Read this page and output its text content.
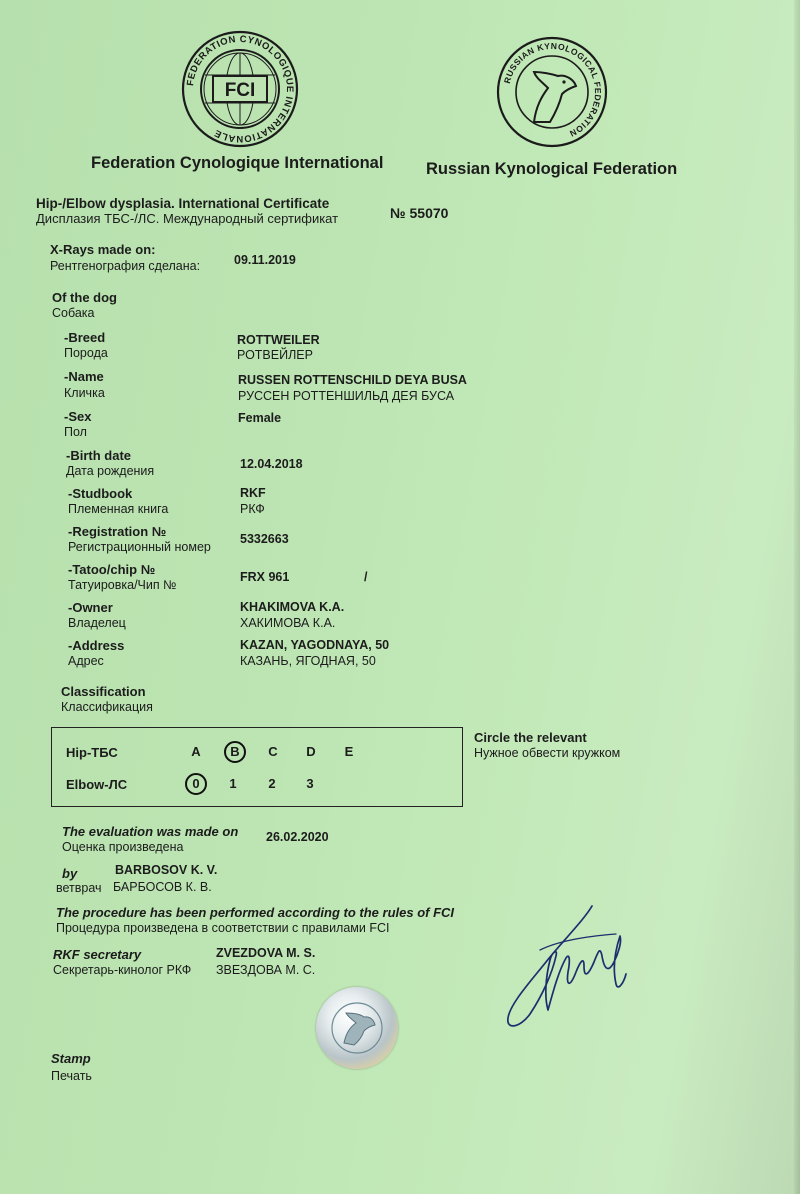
FEDERATION CYNOLOGIQUE INTERNATIONALE
FCI
RUSSIAN KYNOLOGICAL FEDERATION
Federation Cynologique International	Russian Kynological Federation
Hip-/Elbow dysplasia. International Certificate
Дисплазия ТБС-/ЛС. Международный сертификат	№ 55070
X-Rays made on:
Рентгенография сделана:	09.11.2019
Of the dog
Собака
-Breed
Порода
ROTTWEILER
РОТВЕЙЛЕР
-Name
Кличка
RUSSEN ROTTENSCHILD DEYA BUSA
РУССЕН РОТТЕНШИЛЬД ДЕЯ БУСА
-Sex
Пол
Female
-Birth date
Дата рождения	12.04.2018
-Studbook
Племенная книга
RKF
РКФ
-Registration №
Регистрационный номер
5332663
-Tatoo/chip №
Татуировка/Чип №
FRX 961	/
-Owner
Владелец
KHAKIMOVA K.A.
ХАКИМОВА К.А.
-Address
Адрес
KAZAN, YAGODNAYA, 50
КАЗАНЬ, ЯГОДНАЯ, 50
Classification
Классификация
Hip-ТБС	A	B	C	D	E
Elbow-ЛС	0	1	2	3
Circle the relevant
Нужное обвести кружком
The evaluation was made on
Оценка произведена
26.02.2020
by
ветврач
BARBOSOV K. V.
БАРБОСОВ К. В.
The procedure has been performed according to the rules of FCI
Процедура произведена в соответствии с правилами FCI
RKF secretary
Секретарь-кинолог РКФ
ZVEZDOVA M. S.
ЗВЕЗДОВА М. С.
Stamp
Печать
